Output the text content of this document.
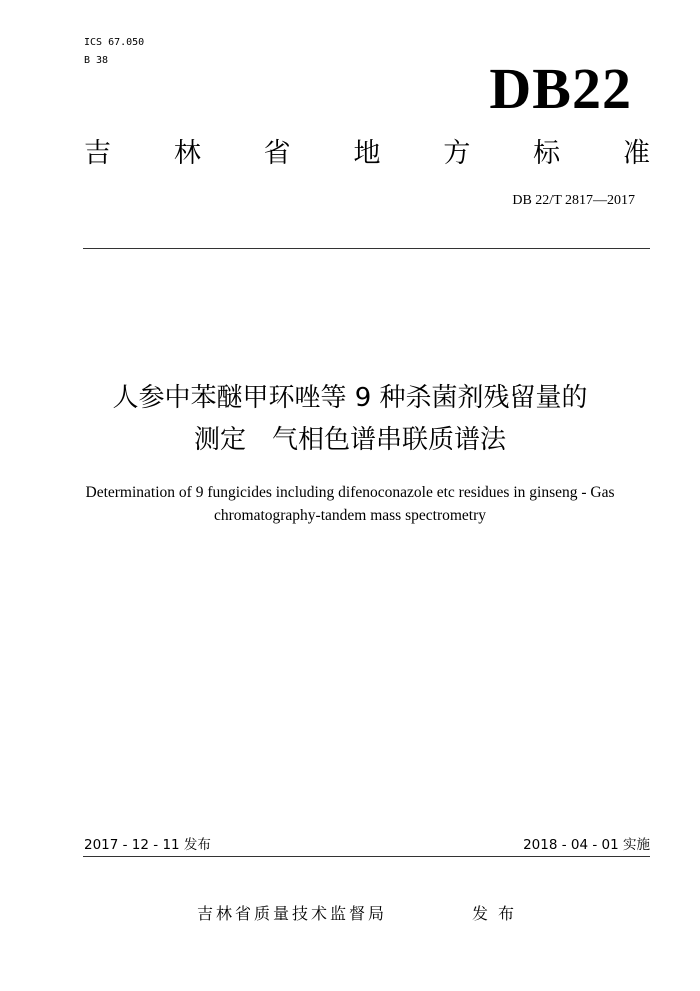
ICS 67.050
B 38	DB22
吉 林 省 地 方 标 准
DB 22/T 2817—2017
人参中苯醚甲环唑等 9 种杀菌剂残留量的
测定　气相色谱串联质谱法
Determination of 9 fungicides including difenoconazole etc residues in ginseng - Gas
chromatography-tandem mass spectrometry
2017 - 12 - 11 发布	2018 - 04 - 01 实施
吉林省质量技术监督局	发布
